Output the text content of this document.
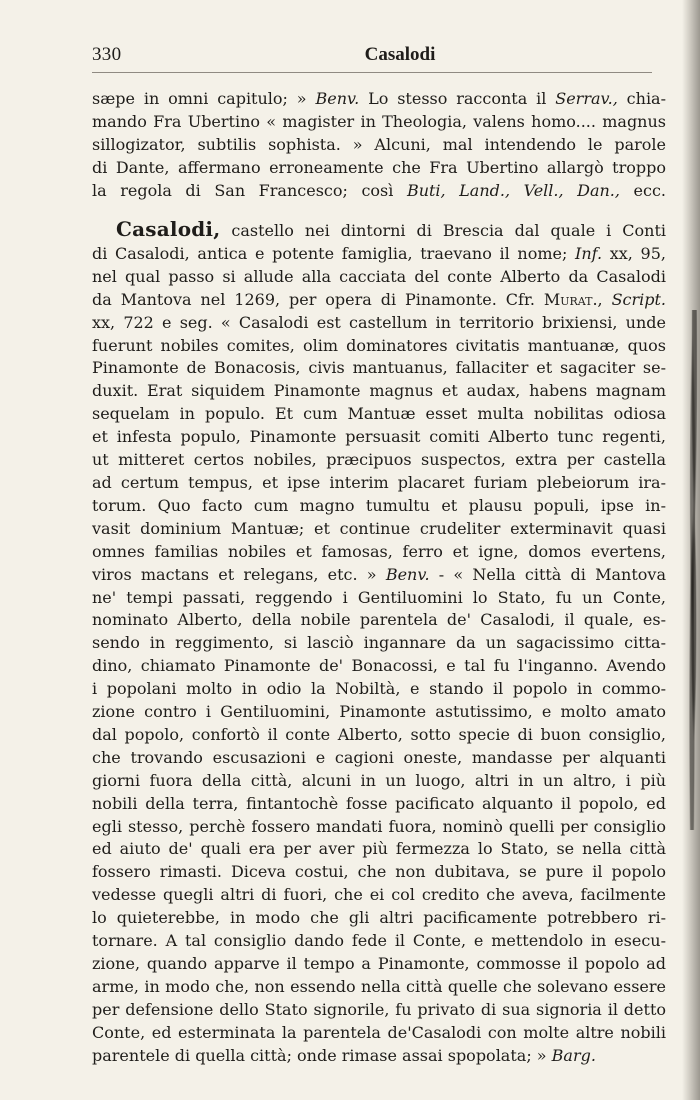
330	Casalodi
sæpe in omni capitulo; » Benv. Lo stesso racconta il Serrav., chia-
mando Fra Ubertino « magister in Theologia, valens homo.... magnus
sillogizator, subtilis sophista. » Alcuni, mal intendendo le parole
di Dante, affermano erroneamente che Fra Ubertino allargò troppo
la regola di San Francesco; così Buti, Land., Vell., Dan., ecc.
Casalodi, castello nei dintorni di Brescia dal quale i Conti
di Casalodi, antica e potente famiglia, traevano il nome; Inf. xx, 95,
nel qual passo si allude alla cacciata del conte Alberto da Casalodi
da Mantova nel 1269, per opera di Pinamonte. Cfr. Murat., Script.
xx, 722 e seg. « Casalodi est castellum in territorio brixiensi, unde
fuerunt nobiles comites, olim dominatores civitatis mantuanæ, quos
Pinamonte de Bonacosis, civis mantuanus, fallaciter et sagaciter se-
duxit. Erat siquidem Pinamonte magnus et audax, habens magnam
sequelam in populo. Et cum Mantuæ esset multa nobilitas odiosa
et infesta populo, Pinamonte persuasit comiti Alberto tunc regenti,
ut mitteret certos nobiles, præcipuos suspectos, extra per castella
ad certum tempus, et ipse interim placaret furiam plebeiorum ira-
torum. Quo facto cum magno tumultu et plausu populi, ipse in-
vasit dominium Mantuæ; et continue crudeliter exterminavit quasi
omnes familias nobiles et famosas, ferro et igne, domos evertens,
viros mactans et relegans, etc. » Benv. - « Nella città di Mantova
ne' tempi passati, reggendo i Gentiluomini lo Stato, fu un Conte,
nominato Alberto, della nobile parentela de' Casalodi, il quale, es-
sendo in reggimento, si lasciò ingannare da un sagacissimo citta-
dino, chiamato Pinamonte de' Bonacossi, e tal fu l'inganno. Avendo
i popolani molto in odio la Nobiltà, e stando il popolo in commo-
zione contro i Gentiluomini, Pinamonte astutissimo, e molto amato
dal popolo, confortò il conte Alberto, sotto specie di buon consiglio,
che trovando escusazioni e cagioni oneste, mandasse per alquanti
giorni fuora della città, alcuni in un luogo, altri in un altro, i più
nobili della terra, fintantochè fosse pacificato alquanto il popolo, ed
egli stesso, perchè fossero mandati fuora, nominò quelli per consiglio
ed aiuto de' quali era per aver più fermezza lo Stato, se nella città
fossero rimasti. Diceva costui, che non dubitava, se pure il popolo
vedesse quegli altri di fuori, che ei col credito che aveva, facilmente
lo quieterebbe, in modo che gli altri pacificamente potrebbero ri-
tornare. A tal consiglio dando fede il Conte, e mettendolo in esecu-
zione, quando apparve il tempo a Pinamonte, commosse il popolo ad
arme, in modo che, non essendo nella città quelle che solevano essere
per defensione dello Stato signorile, fu privato di sua signoria il detto
Conte, ed esterminata la parentela de'Casalodi con molte altre nobili
parentele di quella città; onde rimase assai spopolata; » Barg.
